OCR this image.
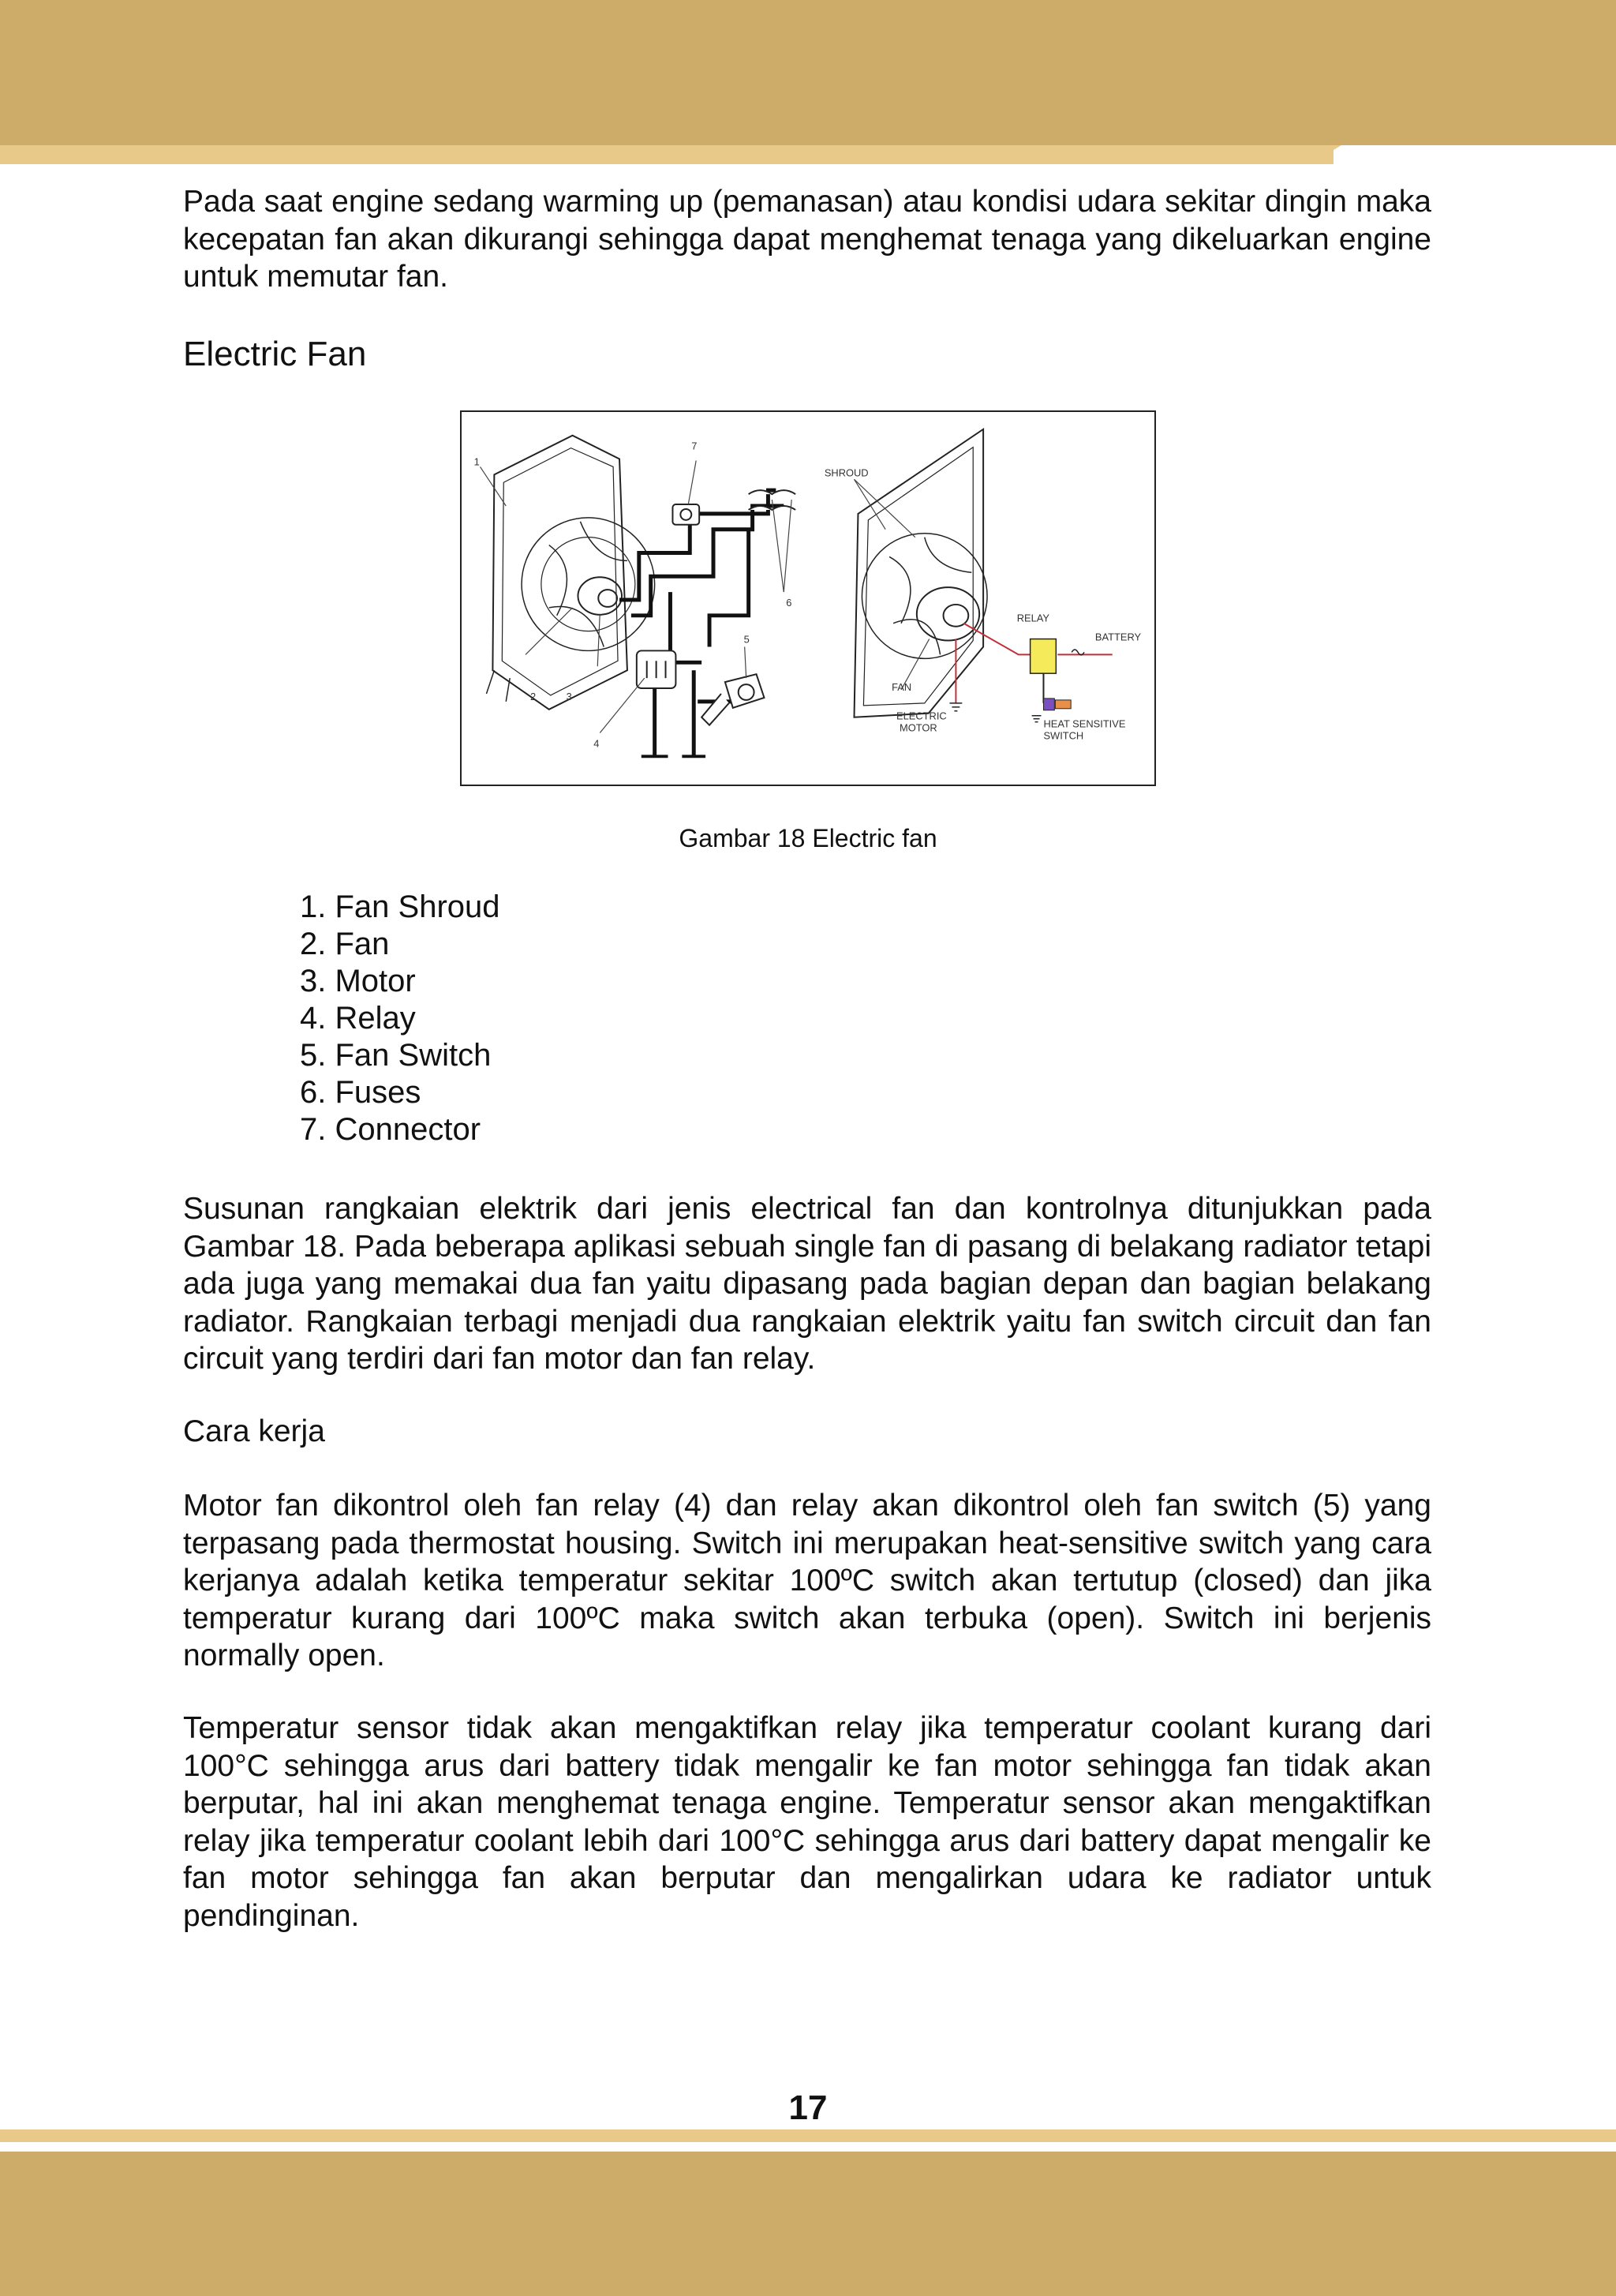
Pada saat engine sedang warming up (pemanasan) atau kondisi udara sekitar dingin maka kecepatan fan akan dikurangi sehingga dapat menghemat tenaga yang dikeluarkan engine untuk memutar fan.

Electric Fan
1
2	3
4
5
6
7
SHROUD
RELAY
BATTERY
FAN
ELECTRIC
MOTOR	HEAT SENSITIVE
SWITCH
Gambar 18 Electric fan
1. Fan Shroud
2. Fan
3. Motor
4. Relay
5. Fan Switch
6. Fuses
7. Connector

Susunan rangkaian elektrik dari jenis electrical fan dan kontrolnya ditunjukkan pada Gambar 18. Pada beberapa aplikasi sebuah single fan di pasang di belakang radiator tetapi ada juga yang memakai dua fan yaitu dipasang pada bagian depan dan bagian belakang radiator. Rangkaian terbagi menjadi dua rangkaian elektrik yaitu fan switch circuit dan fan circuit yang terdiri dari fan motor dan fan relay.

Cara kerja

Motor fan dikontrol oleh fan relay (4) dan relay akan dikontrol oleh fan switch (5) yang terpasang pada thermostat housing. Switch ini merupakan heat-sensitive switch yang cara kerjanya adalah ketika temperatur sekitar 100ºC switch akan tertutup (closed) dan jika temperatur kurang dari 100ºC maka switch akan terbuka (open). Switch ini berjenis normally open.

Temperatur sensor tidak akan mengaktifkan relay jika temperatur coolant kurang dari 100°C sehingga arus dari battery tidak mengalir ke fan motor sehingga fan tidak akan berputar, hal ini akan menghemat tenaga engine. Temperatur sensor akan mengaktifkan relay jika temperatur coolant lebih dari 100°C sehingga arus dari battery dapat mengalir ke fan motor sehingga fan akan berputar dan mengalirkan udara ke radiator untuk pendinginan.

17
